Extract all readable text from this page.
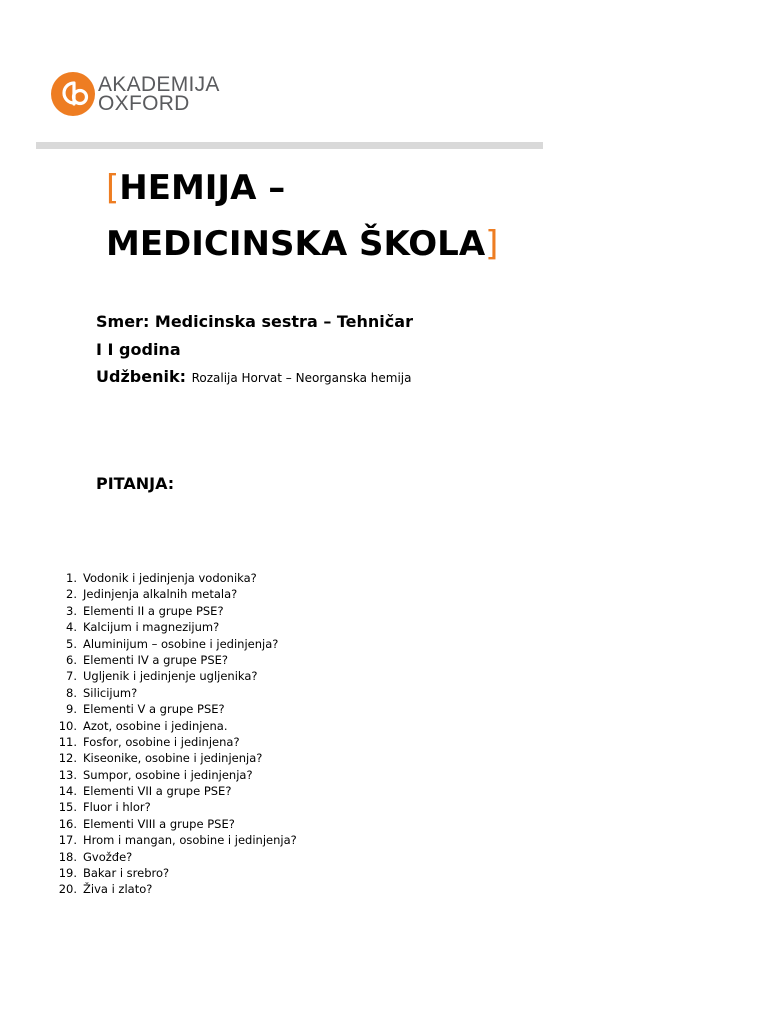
AKADEMIJA
OXFORD
[HEMIJA –
MEDICINSKA ŠKOLA]
Smer: Medicinska sestra – Tehničar
I I godina
Udžbenik: Rozalija Horvat – Neorganska hemija
PITANJA:
1. Vodonik i jedinjenja vodonika?
2. Jedinjenja alkalnih metala?
3. Elementi II a grupe PSE?
4. Kalcijum i magnezijum?
5. Aluminijum – osobine i jedinjenja?
6. Elementi IV a grupe PSE?
7. Ugljenik i jedinjenje ugljenika?
8. Silicijum?
9. Elementi V a grupe PSE?
10. Azot, osobine i jedinjena.
11. Fosfor, osobine i jedinjena?
12. Kiseonike, osobine i jedinjenja?
13. Sumpor, osobine i jedinjenja?
14. Elementi VII a grupe PSE?
15. Fluor i hlor?
16. Elementi VIII a grupe PSE?
17. Hrom i mangan, osobine i jedinjenja?
18. Gvožđe?
19. Bakar i srebro?
20. Živa i zlato?
